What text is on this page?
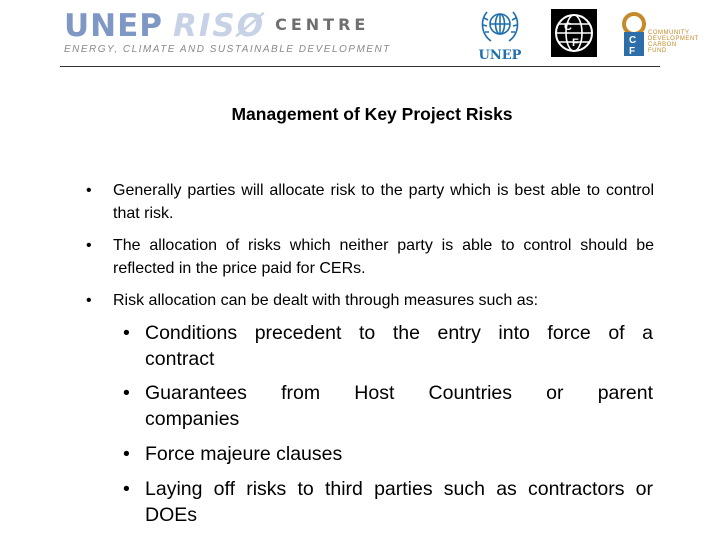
UNEP RISØ CENTRE
ENERGY, CLIMATE AND SUSTAINABLE DEVELOPMENT	UNEP
C
F	C
F
COMMUNITY
DEVELOPMENT
CARBON
FUND
Management of Key Project Risks
• Generally parties will allocate risk to the party which is best able to control that risk.
• The allocation of risks which neither party is able to control should be reflected in the price paid for CERs.
• Risk allocation can be dealt with through measures such as:
• Conditions precedent to the entry into force of a
contract
• Guarantees from Host Countries or parent
companies
• Force majeure clauses
• Laying off risks to third parties such as contractors or
DOEs
